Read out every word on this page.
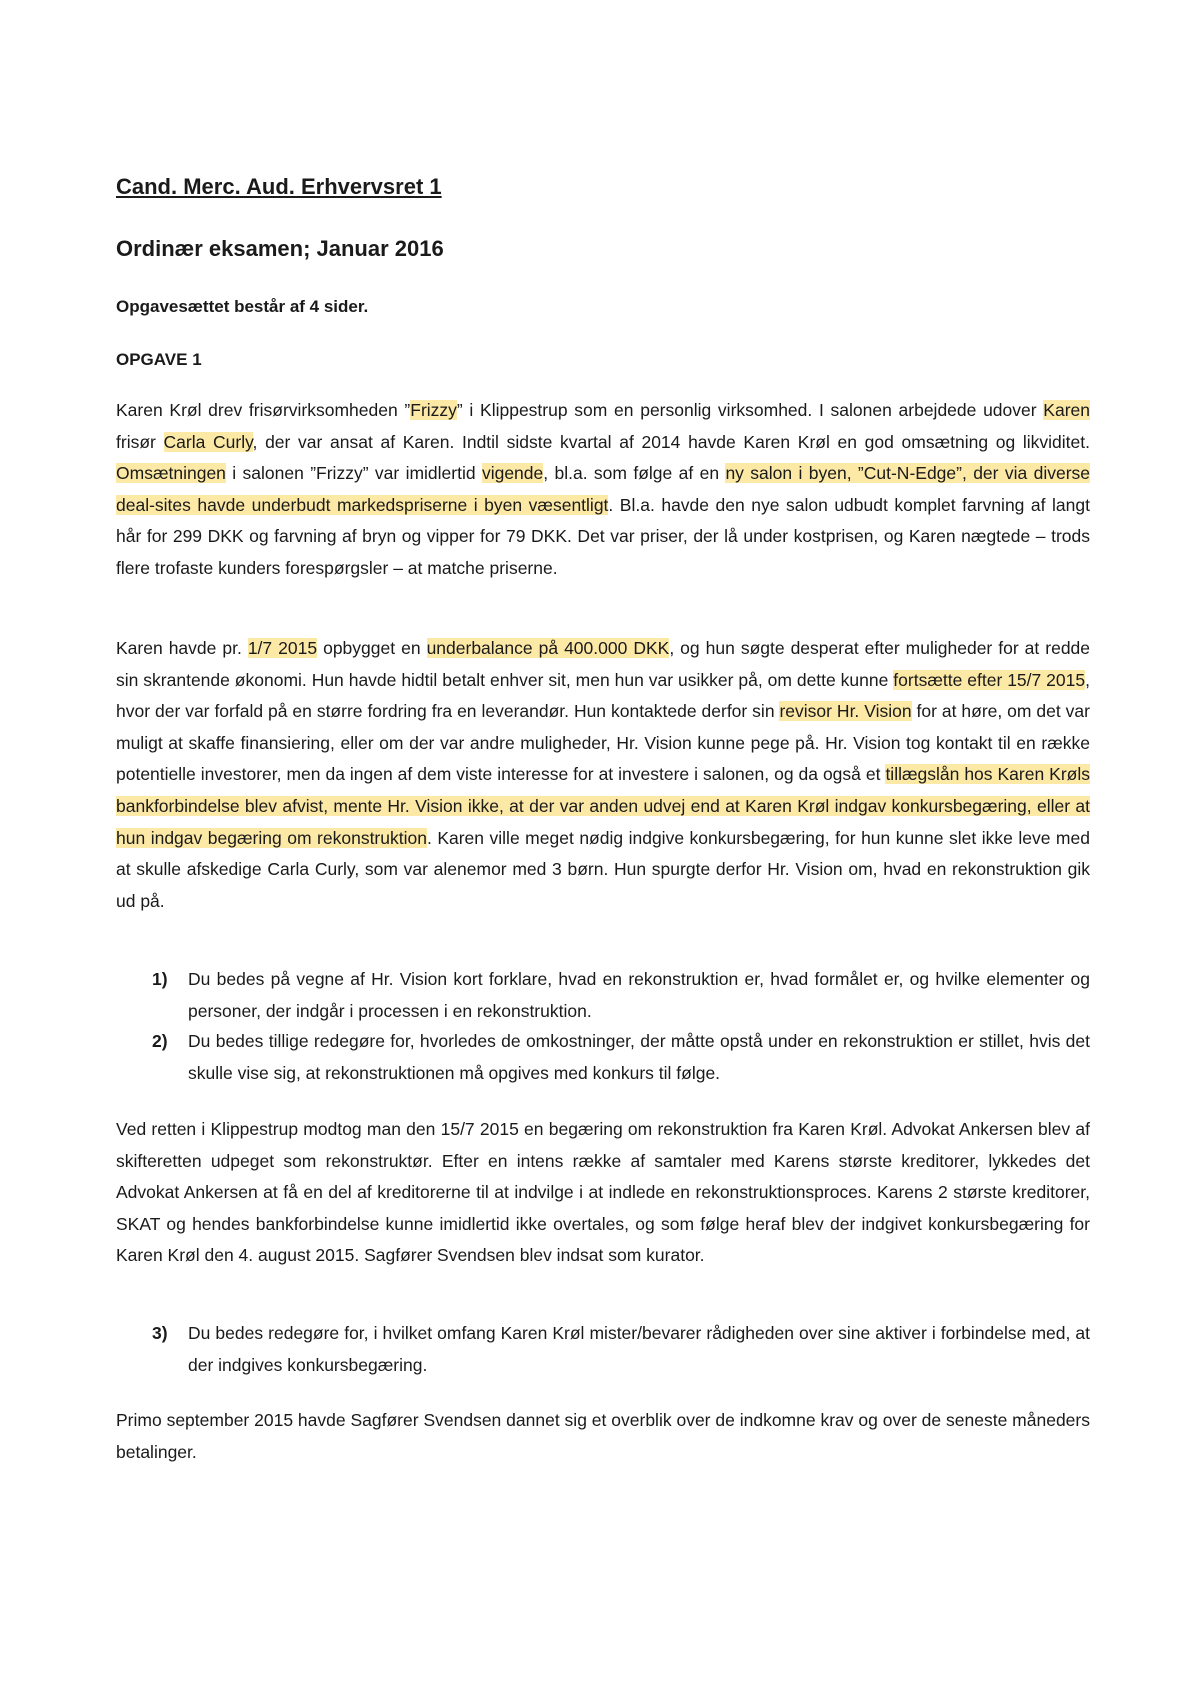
Cand. Merc. Aud. Erhvervsret 1
Ordinær eksamen; Januar 2016

Opgavesættet består af 4 sider.

OPGAVE 1

Karen Krøl drev frisørvirksomheden ”Frizzy” i Klippestrup som en personlig virksomhed. I salonen arbejdede udover Karen frisør Carla Curly, der var ansat af Karen. Indtil sidste kvartal af 2014 havde Karen Krøl en god omsætning og likviditet. Omsætningen i salonen ”Frizzy” var imidlertid vigende, bl.a. som følge af en ny salon i byen, ”Cut-N-Edge”, der via diverse deal-sites havde underbudt markedspriserne i byen væsentligt. Bl.a. havde den nye salon udbudt komplet farvning af langt hår for 299 DKK og farvning af bryn og vipper for 79 DKK. Det var priser, der lå under kostprisen, og Karen nægtede – trods flere trofaste kunders forespørgsler – at matche priserne.

Karen havde pr. 1/7 2015 opbygget en underbalance på 400.000 DKK, og hun søgte desperat efter muligheder for at redde sin skrantende økonomi. Hun havde hidtil betalt enhver sit, men hun var usikker på, om dette kunne fortsætte efter 15/7 2015, hvor der var forfald på en større fordring fra en leverandør. Hun kontaktede derfor sin revisor Hr. Vision for at høre, om det var muligt at skaffe finansiering, eller om der var andre muligheder, Hr. Vision kunne pege på. Hr. Vision tog kontakt til en række potentielle investorer, men da ingen af dem viste interesse for at investere i salonen, og da også et tillægslån hos Karen Krøls bankforbindelse blev afvist, mente Hr. Vision ikke, at der var anden udvej end at Karen Krøl indgav konkursbegæring, eller at hun indgav begæring om rekonstruktion. Karen ville meget nødig indgive konkursbegæring, for hun kunne slet ikke leve med at skulle afskedige Carla Curly, som var alenemor med 3 børn. Hun spurgte derfor Hr. Vision om, hvad en rekonstruktion gik ud på.

1) Du bedes på vegne af Hr. Vision kort forklare, hvad en rekonstruktion er, hvad formålet er, og hvilke elementer og personer, der indgår i processen i en rekonstruktion.
2) Du bedes tillige redegøre for, hvorledes de omkostninger, der måtte opstå under en rekonstruktion er stillet, hvis det skulle vise sig, at rekonstruktionen må opgives med konkurs til følge.

Ved retten i Klippestrup modtog man den 15/7 2015 en begæring om rekonstruktion fra Karen Krøl. Advokat Ankersen blev af skifteretten udpeget som rekonstruktør. Efter en intens række af samtaler med Karens største kreditorer, lykkedes det Advokat Ankersen at få en del af kreditorerne til at indvilge i at indlede en rekonstruktionsproces. Karens 2 største kreditorer, SKAT og hendes bankforbindelse kunne imidlertid ikke overtales, og som følge heraf blev der indgivet konkursbegæring for Karen Krøl den 4. august 2015. Sagfører Svendsen blev indsat som kurator.

3) Du bedes redegøre for, i hvilket omfang Karen Krøl mister/bevarer rådigheden over sine aktiver i forbindelse med, at der indgives konkursbegæring.

Primo september 2015 havde Sagfører Svendsen dannet sig et overblik over de indkomne krav og over de seneste måneders betalinger.
